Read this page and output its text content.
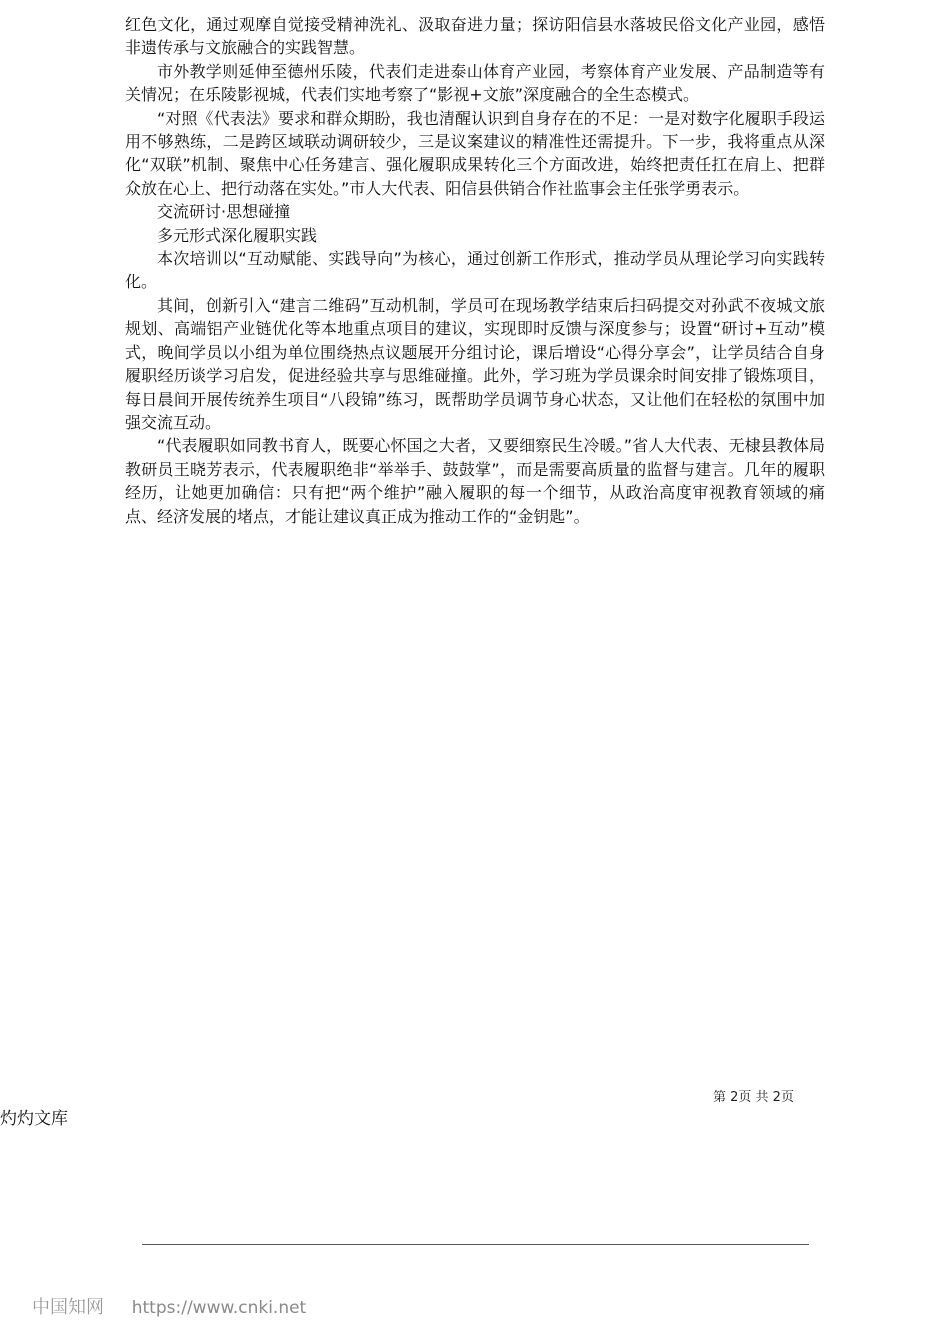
红色文化，通过观摩自觉接受精神洗礼、汲取奋进力量；探访阳信县水落坡民俗文化产业园，感悟非遗传承与文旅融合的实践智慧。

市外教学则延伸至德州乐陵，代表们走进泰山体育产业园，考察体育产业发展、产品制造等有关情况；在乐陵影视城，代表们实地考察了“影视+文旅”深度融合的全生态模式。

“对照《代表法》要求和群众期盼，我也清醒认识到自身存在的不足：一是对数字化履职手段运用不够熟练，二是跨区域联动调研较少，三是议案建议的精准性还需提升。下一步，我将重点从深化“双联”机制、聚焦中心任务建言、强化履职成果转化三个方面改进，始终把责任扛在肩上、把群众放在心上、把行动落在实处。”市人大代表、阳信县供销合作社监事会主任张学勇表示。

交流研讨·思想碰撞

多元形式深化履职实践

本次培训以“互动赋能、实践导向”为核心，通过创新工作形式，推动学员从理论学习向实践转化。

其间，创新引入“建言二维码”互动机制，学员可在现场教学结束后扫码提交对孙武不夜城文旅规划、高端铝产业链优化等本地重点项目的建议，实现即时反馈与深度参与；设置“研讨+互动”模式，晚间学员以小组为单位围绕热点议题展开分组讨论，课后增设“心得分享会”，让学员结合自身履职经历谈学习启发，促进经验共享与思维碰撞。此外，学习班为学员课余时间安排了锻炼项目，每日晨间开展传统养生项目“八段锦”练习，既帮助学员调节身心状态，又让他们在轻松的氛围中加强交流互动。

“代表履职如同教书育人，既要心怀国之大者，又要细察民生冷暖。”省人大代表、无棣县教体局教研员王晓芳表示，代表履职绝非“举举手、鼓鼓掌”，而是需要高质量的监督与建言。几年的履职经历，让她更加确信：只有把“两个维护”融入履职的每一个细节，从政治高度审视教育领域的痛点、经济发展的堵点，才能让建议真正成为推动工作的“金钥匙”。

第 2页 共 2页
灼灼文库
中国知网 https://www.cnki.net
